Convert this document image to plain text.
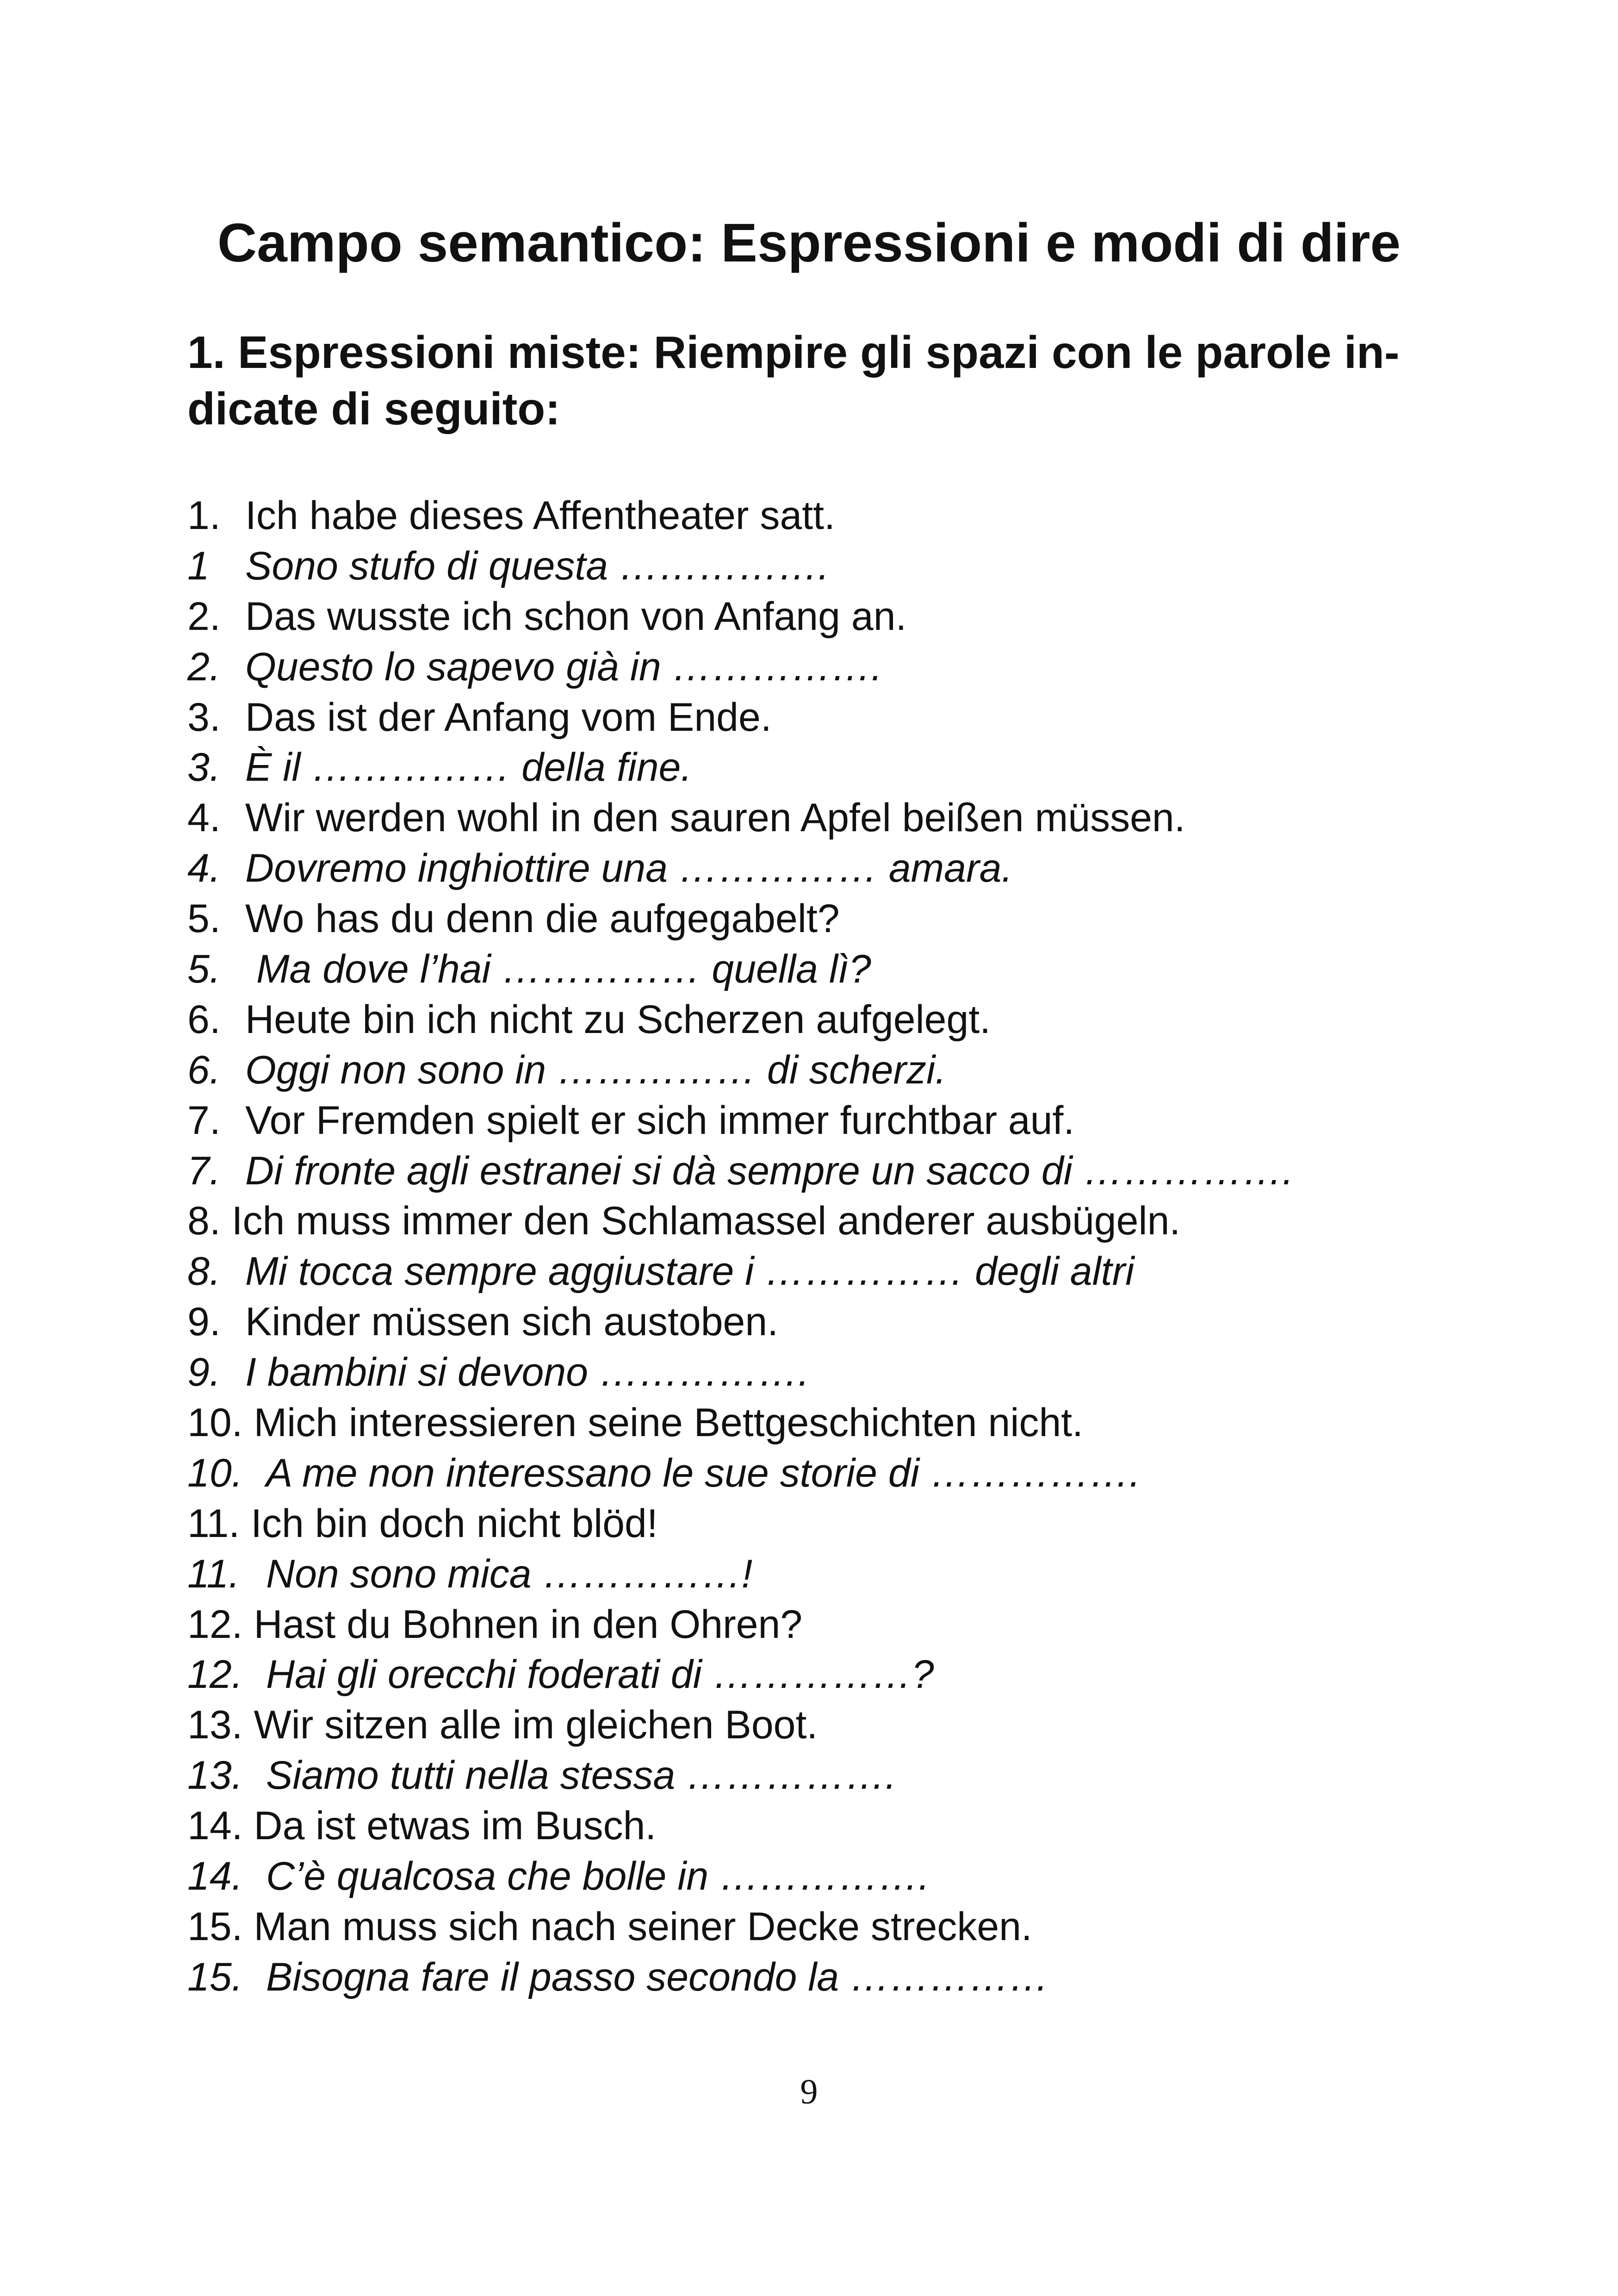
Campo semantico: Espressioni e modi di dire
1. Espressioni miste: Riempire gli spazi con le parole in-
dicate di seguito:
1. Ich habe dieses Affentheater satt.
1 Sono stufo di questa …………….
2. Das wusste ich schon von Anfang an.
2. Questo lo sapevo già in …………….
3. Das ist der Anfang vom Ende.
3. È il …………… della fine.
4. Wir werden wohl in den sauren Apfel beißen müssen.
4. Dovremo inghiottire una …………… amara.
5. Wo has du denn die aufgegabelt?
5. Ma dove l’hai …………… quella lì?
6. Heute bin ich nicht zu Scherzen aufgelegt.
6. Oggi non sono in …………… di scherzi.
7. Vor Fremden spielt er sich immer furchtbar auf.
7. Di fronte agli estranei si dà sempre un sacco di …………….
8. Ich muss immer den Schlamassel anderer ausbügeln.
8. Mi tocca sempre aggiustare i …………… degli altri
9. Kinder müssen sich austoben.
9. I bambini si devono …………….
10. Mich interessieren seine Bettgeschichten nicht.
10. A me non interessano le sue storie di …………….
11. Ich bin doch nicht blöd!
11. Non sono mica ……………!
12. Hast du Bohnen in den Ohren?
12. Hai gli orecchi foderati di ……………?
13. Wir sitzen alle im gleichen Boot.
13. Siamo tutti nella stessa …………….
14. Da ist etwas im Busch.
14. C’è qualcosa che bolle in …………….
15. Man muss sich nach seiner Decke strecken.
15. Bisogna fare il passo secondo la ……………
9
